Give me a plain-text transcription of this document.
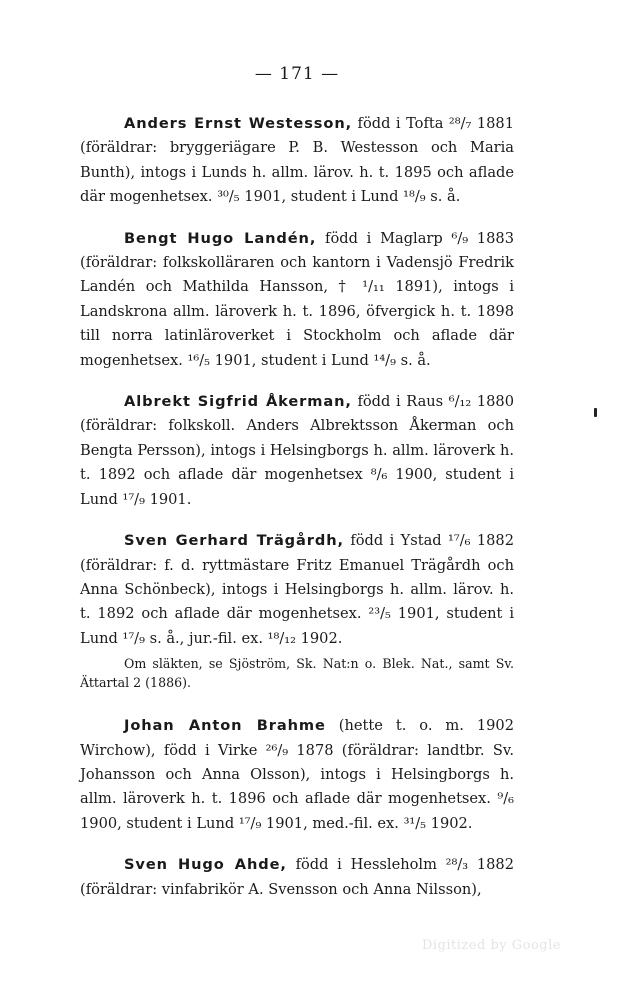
— 171 —

Anders Ernst Westesson, född i Tofta ²⁸/₇ 1881 (föräldrar: bryggeriägare P. B. Westesson och Maria Bunth), intogs i Lunds h. allm. lärov. h. t. 1895 och aflade där mogenhetsex. ³⁰/₅ 1901, student i Lund ¹⁸/₉ s. å.

Bengt Hugo Landén, född i Maglarp ⁶/₉ 1883 (föräldrar: folkskolläraren och kantorn i Vadensjö Fredrik Landén och Mathilda Hansson, † ¹/₁₁ 1891), intogs i Landskrona allm. läroverk h. t. 1896, öfvergick h. t. 1898 till norra latinläroverket i Stockholm och aflade där mogenhetsex. ¹⁶/₅ 1901, student i Lund ¹⁴/₉ s. å.

Albrekt Sigfrid Åkerman, född i Raus ⁶/₁₂ 1880 (föräldrar: folkskoll. Anders Albrektsson Åkerman och Bengta Persson), intogs i Helsingborgs h. allm. läroverk h. t. 1892 och aflade där mogenhetsex ⁸/₆ 1900, student i Lund ¹⁷/₉ 1901.

Sven Gerhard Trägårdh, född i Ystad ¹⁷/₆ 1882 (föräldrar: f. d. ryttmästare Fritz Emanuel Trägårdh och Anna Schönbeck), intogs i Helsingborgs h. allm. lärov. h. t. 1892 och aflade där mogenhetsex. ²³/₅ 1901, student i Lund ¹⁷/₉ s. å., jur.-fil. ex. ¹⁸/₁₂ 1902.

Om släkten, se Sjöström, Sk. Nat:n o. Blek. Nat., samt Sv. Ättartal 2 (1886).

Johan Anton Brahme (hette t. o. m. 1902 Wirchow), född i Virke ²⁶/₉ 1878 (föräldrar: landtbr. Sv. Johansson och Anna Olsson), intogs i Helsingborgs h. allm. läroverk h. t. 1896 och aflade där mogenhetsex. ⁹/₆ 1900, student i Lund ¹⁷/₉ 1901, med.-fil. ex. ³¹/₅ 1902.

Sven Hugo Ahde, född i Hessleholm ²⁸/₃ 1882 (föräldrar: vinfabrikör A. Svensson och Anna Nilsson),

Digitized by Google
